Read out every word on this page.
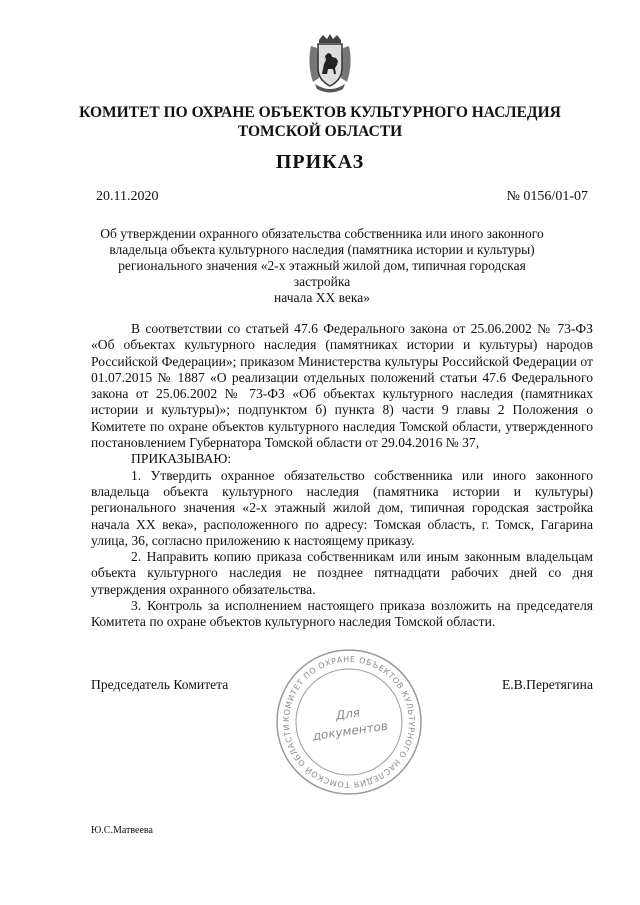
КОМИТЕТ ПО ОХРАНЕ ОБЪЕКТОВ КУЛЬТУРНОГО НАСЛЕДИЯ
ТОМСКОЙ ОБЛАСТИ
ПРИКАЗ
20.11.2020	№ 0156/01-07
Об утверждении охранного обязательства собственника или иного законного
владельца объекта культурного наследия (памятника истории и культуры)
регионального значения «2-х этажный жилой дом, типичная городская застройка
начала XX века»

В соответствии со статьей 47.6 Федерального закона от 25.06.2002 № 73-ФЗ «Об объектах культурного наследия (памятниках истории и культуры) народов Российской Федерации»; приказом Министерства культуры Российской Федерации от 01.07.2015 № 1887 «О реализации отдельных положений статьи 47.6 Федерального закона от 25.06.2002 № 73-ФЗ «Об объектах культурного наследия (памятниках истории и культуры)»; подпунктом б) пункта 8) части 9 главы 2 Положения о Комитете по охране объектов культурного наследия Томской области, утвержденного постановлением Губернатора Томской области от 29.04.2016 № 37,

ПРИКАЗЫВАЮ:

1. Утвердить охранное обязательство собственника или иного законного владельца объекта культурного наследия (памятника истории и культуры) регионального значения «2-х этажный жилой дом, типичная городская застройка начала XX века», расположенного по адресу: Томская область, г. Томск, Гагарина улица, 36, согласно приложению к настоящему приказу.

2. Направить копию приказа собственникам или иным законным владельцам объекта культурного наследия не позднее пятнадцати рабочих дней со дня утверждения охранного обязательства.

3. Контроль за исполнением настоящего приказа возложить на председателя Комитета по охране объектов культурного наследия Томской области.

Председатель Комитета	Е.В.Перетягина
КОМИТЕТ ПО ОХРАНЕ ОБЪЕКТОВ КУЛЬТУРНОГО НАСЛЕДИЯ ТОМСКОЙ ОБЛАСТИ
Для
документов
Ю.С.Матвеева
